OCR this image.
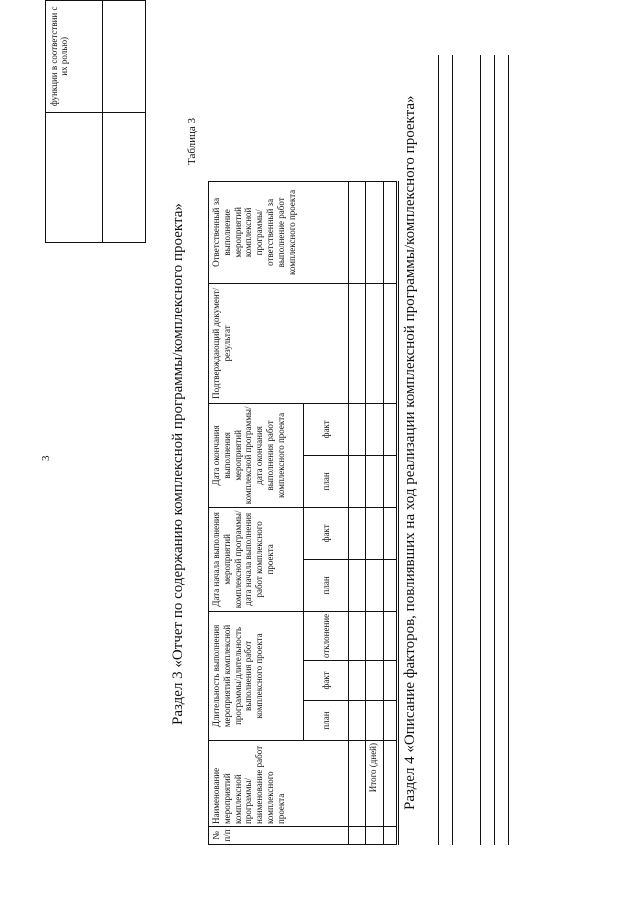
3
	функции в соответствии с их ролью)

Раздел 3 «Отчет по содержанию комплексной программы/комплексного проекта»
Таблица 3
№ п/п	Наименование мероприятий комплексной программы/ наименование работ комплексного проекта	Длительность выполнения мероприятий комплексной программы/длительность выполнения работ комплексного проекта			Дата начала выполнения мероприятий комплексной программы/ дата начала выполнения работ комплексного проекта		Дата окончания выполнения мероприятий комплексной программы/ дата окончания выполнения работ комплексного проекта		Подтверждающий документ/ результат	Ответственный за выполнение мероприятий комплексной программы/ ответственный за выполнение работ комплексного проекта
		план	факт	отклонение	план	факт	план	факт		

	Итого (дней)									
										Раздел 4 «Описание факторов, повлиявших на ход реализации комплексной программы/комплексного проекта»
